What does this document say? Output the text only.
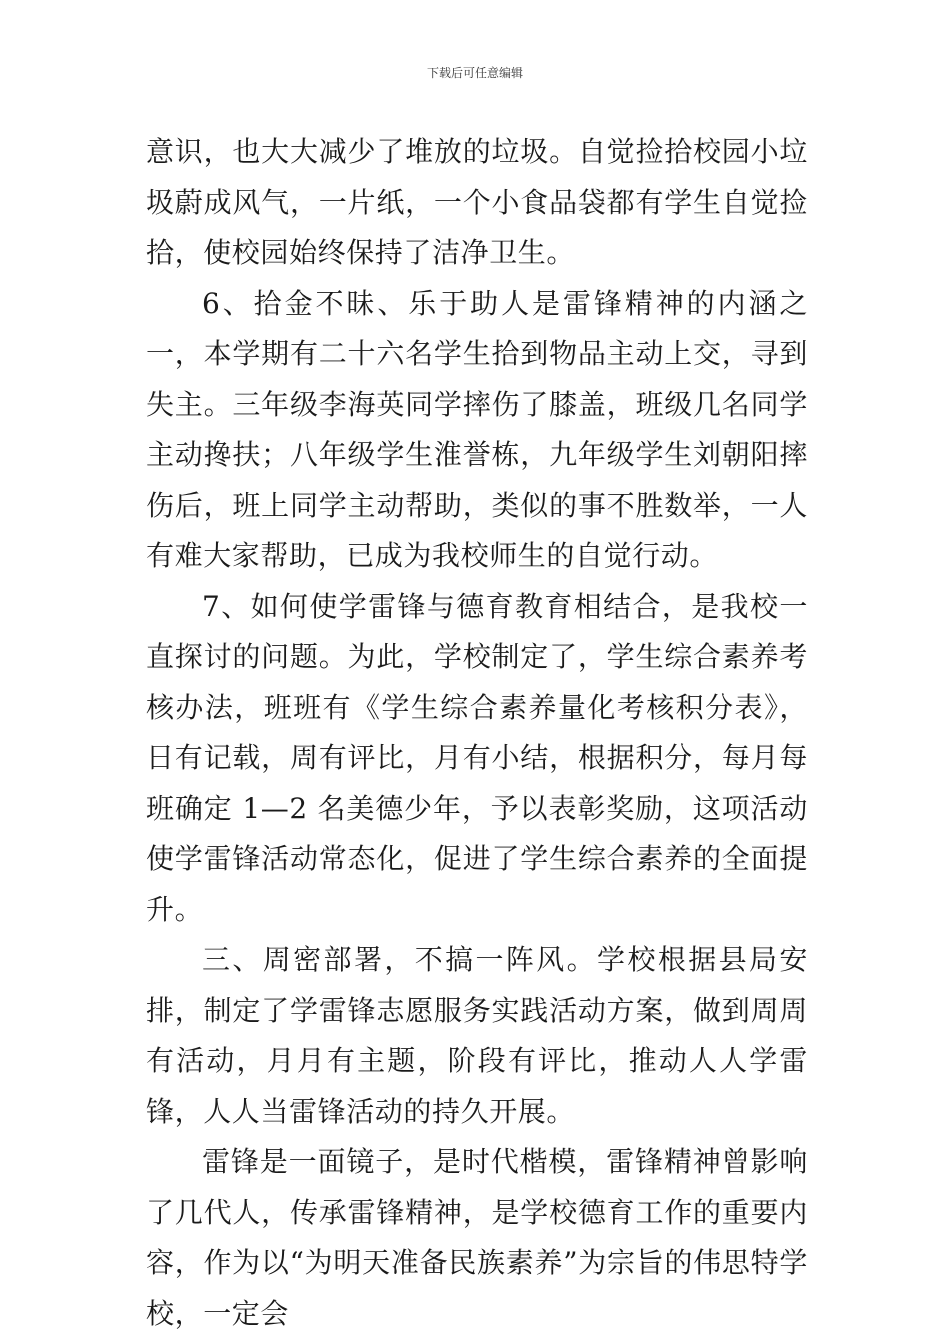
下载后可任意编辑

意识，也大大减少了堆放的垃圾。自觉捡拾校园小垃圾蔚成风气，一片纸，一个小食品袋都有学生自觉捡拾，使校园始终保持了洁净卫生。

6、拾金不昧、乐于助人是雷锋精神的内涵之一，本学期有二十六名学生拾到物品主动上交，寻到失主。三年级李海英同学摔伤了膝盖，班级几名同学主动搀扶；八年级学生淮誉栋，九年级学生刘朝阳摔伤后，班上同学主动帮助，类似的事不胜数举，一人有难大家帮助，已成为我校师生的自觉行动。

7、如何使学雷锋与德育教育相结合，是我校一直探讨的问题。为此，学校制定了，学生综合素养考核办法，班班有《学生综合素养量化考核积分表》，日有记载，周有评比，月有小结，根据积分，每月每班确定 1—2 名美德少年，予以表彰奖励，这项活动使学雷锋活动常态化，促进了学生综合素养的全面提升。

三、周密部署，不搞一阵风。学校根据县局安排，制定了学雷锋志愿服务实践活动方案，做到周周有活动，月月有主题，阶段有评比，推动人人学雷锋，人人当雷锋活动的持久开展。

雷锋是一面镜子，是时代楷模，雷锋精神曾影响了几代人，传承雷锋精神，是学校德育工作的重要内容，作为以“为明天准备民族素养”为宗旨的伟思特学校，一定会
